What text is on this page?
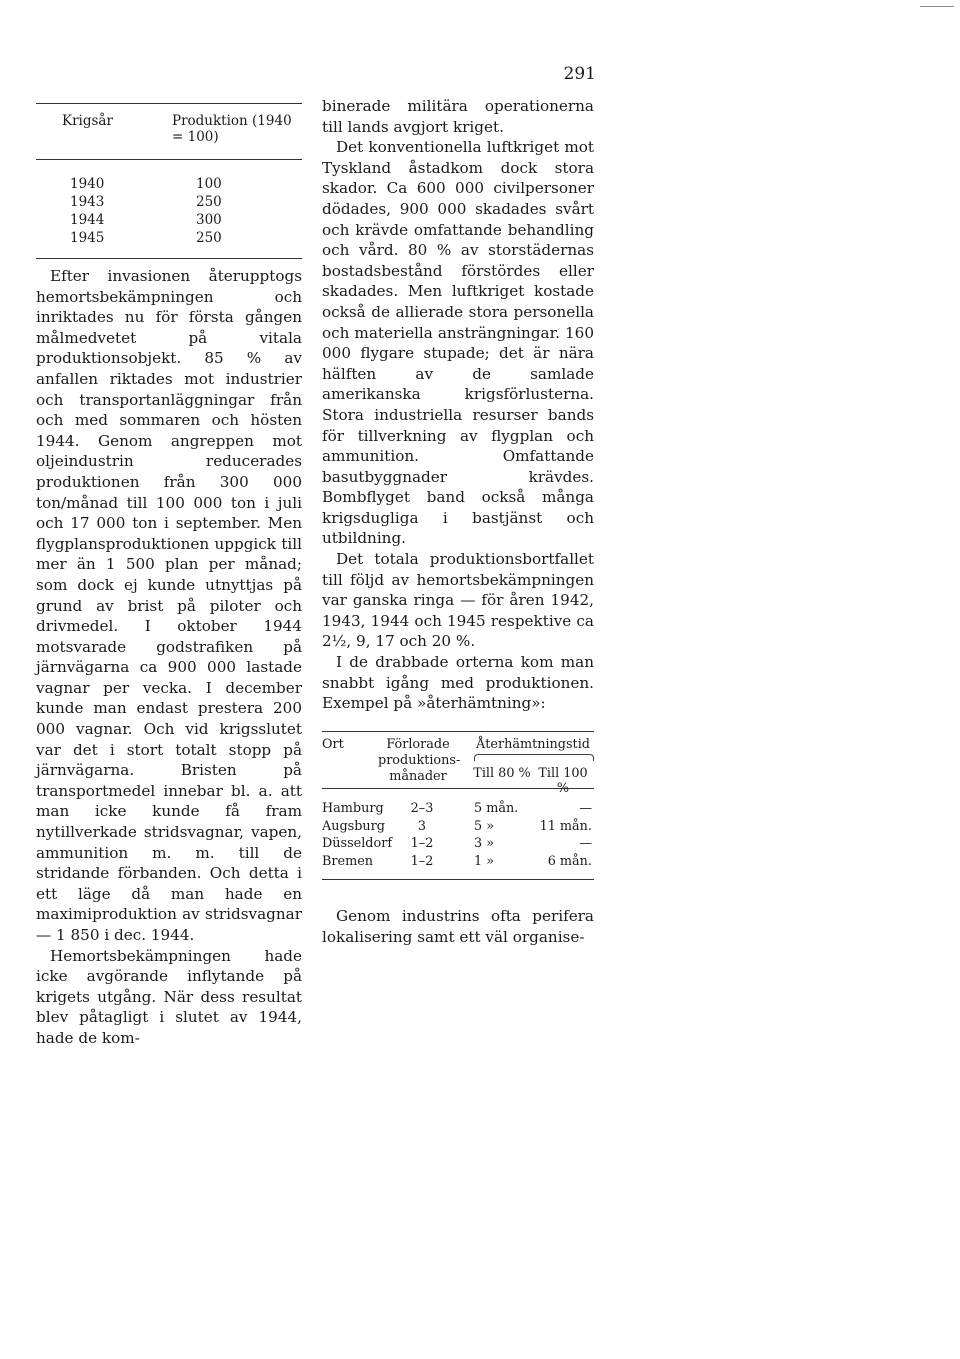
291
Krigsår	Produktion (1940 = 100)
1940	100
1943	250
1944	300
1945	250

Efter invasionen återupptogs hemortsbekämpningen och inriktades nu för första gången målmedvetet på vitala produktionsobjekt. 85 % av anfallen riktades mot industrier och transportanläggningar från och med sommaren och hösten 1944. Genom angreppen mot oljeindustrin reducerades produktionen från 300 000 ton/månad till 100 000 ton i juli och 17 000 ton i september. Men flygplansproduktionen uppgick till mer än 1 500 plan per månad; som dock ej kunde utnyttjas på grund av brist på piloter och drivmedel. I oktober 1944 motsvarade godstrafiken på järnvägarna ca 900 000 lastade vagnar per vecka. I december kunde man endast prestera 200 000 vagnar. Och vid krigsslutet var det i stort totalt stopp på järnvägarna. Bristen på transportmedel innebar bl. a. att man icke kunde få fram nytillverkade stridsvagnar, vapen, ammunition m. m. till de stridande förbanden. Och detta i ett läge då man hade en maximiproduktion av stridsvagnar — 1 850 i dec. 1944.

Hemortsbekämpningen hade icke avgörande inflytande på krigets utgång. När dess resultat blev påtagligt i slutet av 1944, hade de kom-

binerade militära operationerna till lands avgjort kriget.

Det konventionella luftkriget mot Tyskland åstadkom dock stora skador. Ca 600 000 civilpersoner dödades, 900 000 skadades svårt och krävde omfattande behandling och vård. 80 % av storstädernas bostadsbestånd förstördes eller skadades. Men luftkriget kostade också de allierade stora personella och materiella ansträngningar. 160 000 flygare stupade; det är nära hälften av de samlade amerikanska krigsförlusterna. Stora industriella resurser bands för tillverkning av flygplan och ammunition. Omfattande basutbyggnader krävdes. Bombflyget band också många krigsdugliga i bastjänst och utbildning.

Det totala produktionsbortfallet till följd av hemortsbekämpningen var ganska ringa — för åren 1942, 1943, 1944 och 1945 respektive ca 2½, 9, 17 och 20 %.

I de drabbade orterna kom man snabbt igång med produktionen. Exempel på »återhämtning»:

Ort	Förlorade produktions-månader
Återhämtningstid
Till 80 % Till 100 %
Hamburg	2–3	5 mån.	—
Augsburg	3	5 »	11 mån.
Düsseldorf	1–2	3 »	—
Bremen	1–2	1 »	6 mån.

Genom industrins ofta perifera lokalisering samt ett väl organise-
